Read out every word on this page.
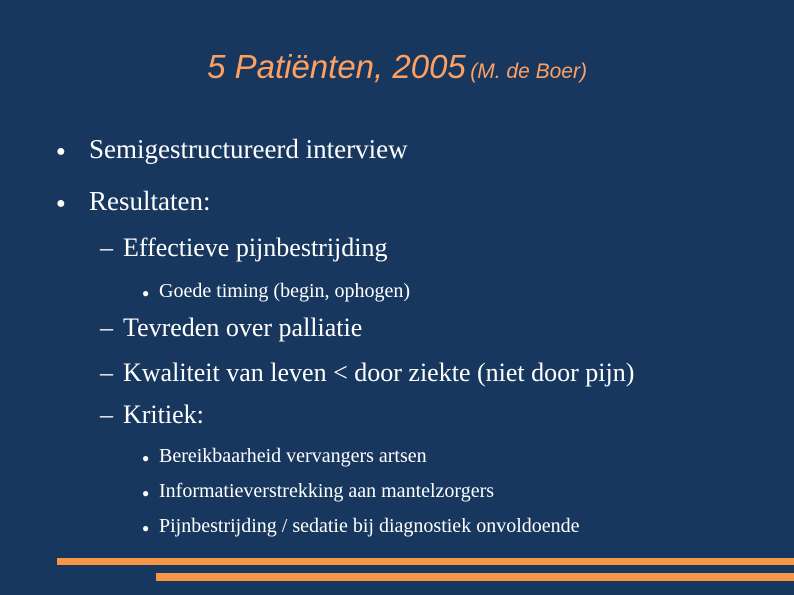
5 Patiënten, 2005 (M. de Boer)
● Semigestructureerd interview
● Resultaten:
– Effectieve pijnbestrijding
● Goede timing (begin, ophogen)
– Tevreden over palliatie
– Kwaliteit van leven < door ziekte (niet door pijn)
– Kritiek:
● Bereikbaarheid vervangers artsen
● Informatieverstrekking aan mantelzorgers
● Pijnbestrijding / sedatie bij diagnostiek onvoldoende
